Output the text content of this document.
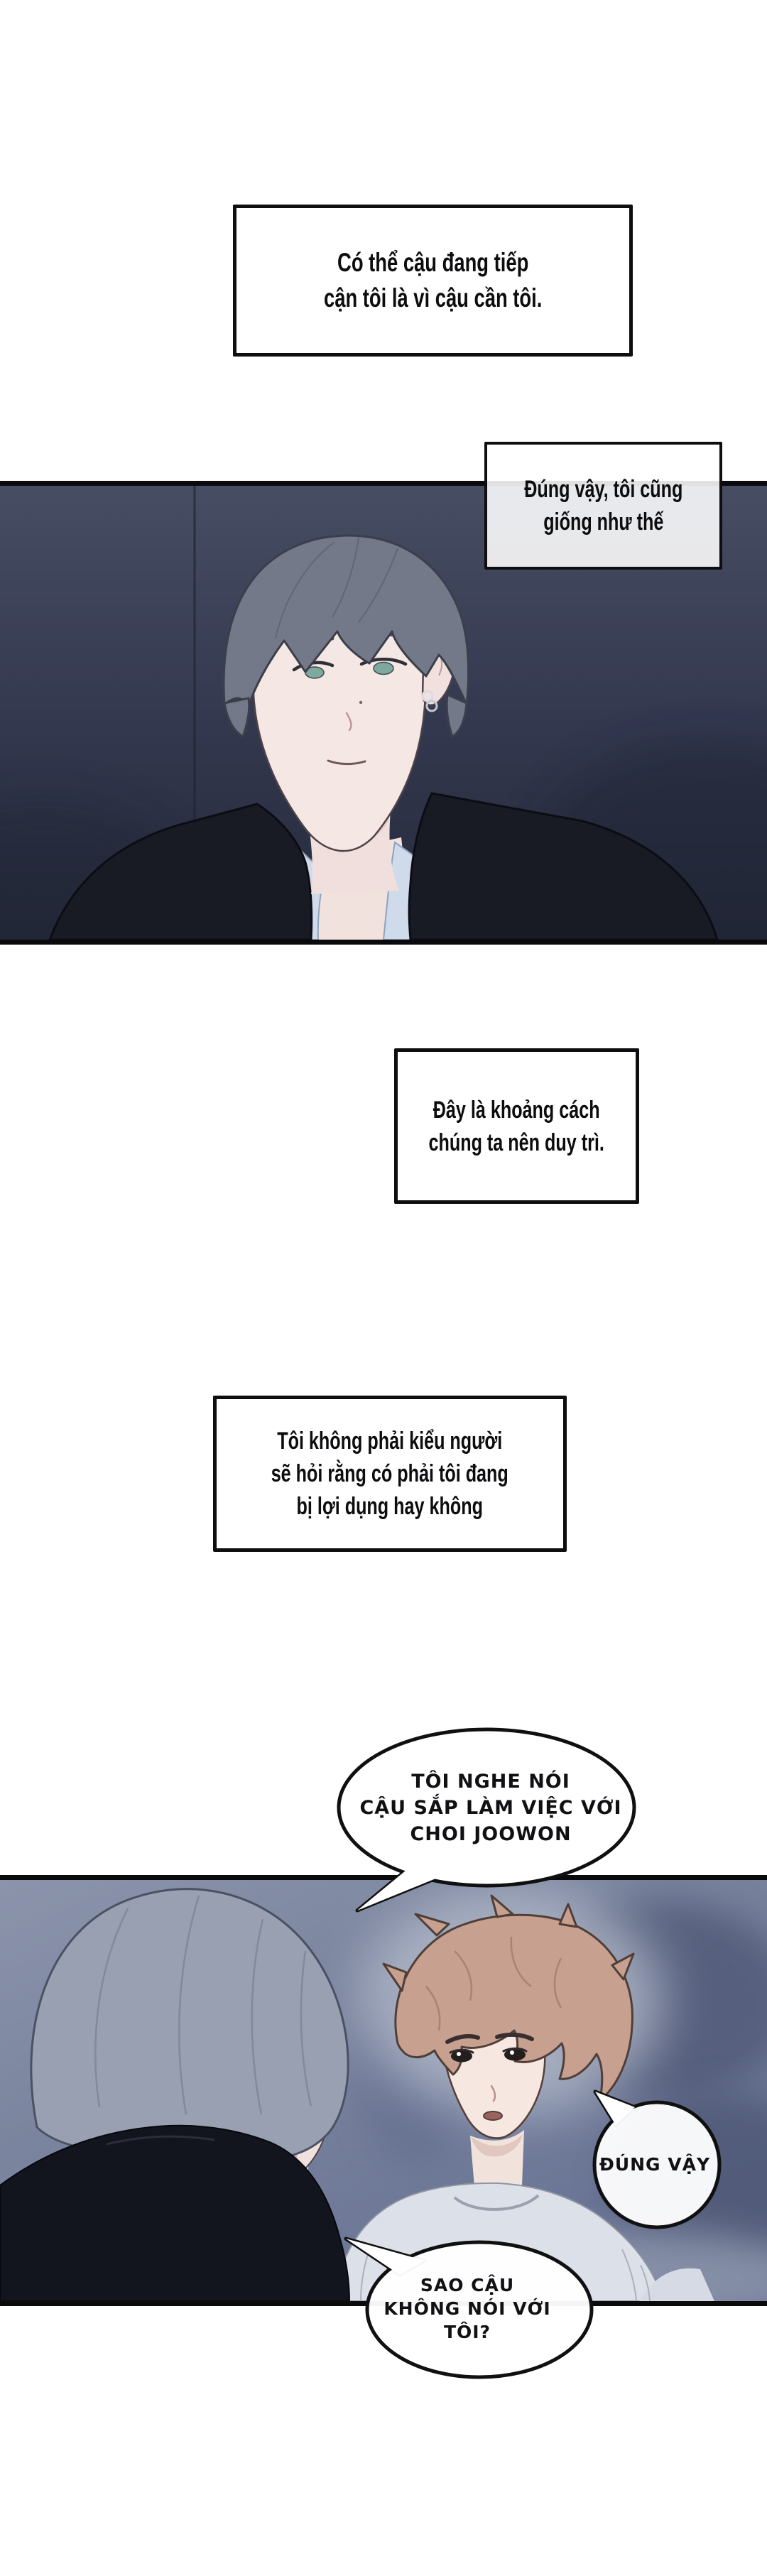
Có thể cậu đang tiếp
cận tôi là vì cậu cần tôi.
Đúng vậy, tôi cũng
giống như thế
Đây là khoảng cách
chúng ta nên duy trì.
Tôi không phải kiểu người
sẽ hỏi rằng có phải tôi đang
bị lợi dụng hay không
TÔI NGHE NÓI
CẬU SẮP LÀM VIỆC VỚI
CHOI JOOWON
ĐÚNG VẬY
SAO CẬU
KHÔNG NÓI VỚI
TÔI?
